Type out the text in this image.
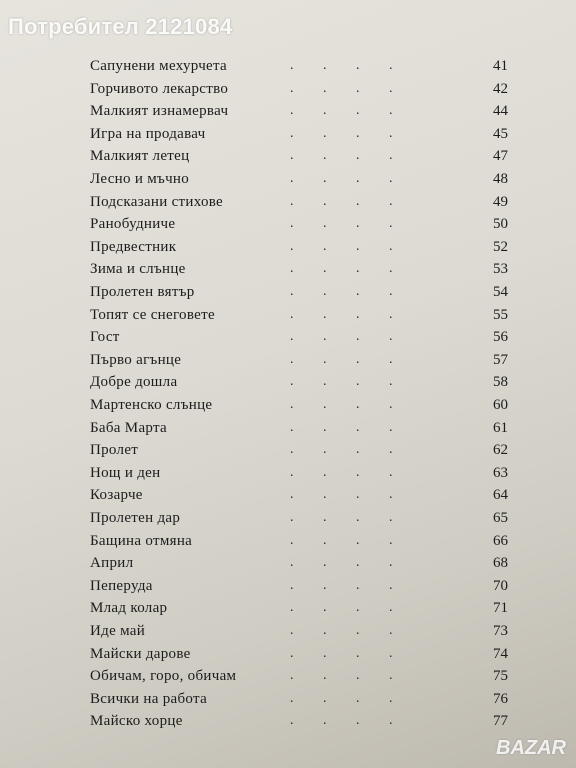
Потребител 2121084
Сапунени мехурчета	. . . .	41
Горчивото лекарство	. . . .	42
Малкият изнамервач	. . . .	44
Игра на продавач	. . . .	45
Малкият летец	. . . .	47
Лесно и мъчно	. . . .	48
Подсказани стихове	. . . .	49
Ранобудниче	. . . .	50
Предвестник	. . . .	52
Зима и слънце	. . . .	53
Пролетен вятър	. . . .	54
Топят се снеговете	. . . .	55
Гост	. . . .	56
Първо агънце	. . . .	57
Добре дошла	. . . .	58
Мартенско слънце	. . . .	60
Баба Марта	. . . .	61
Пролет	. . . .	62
Нощ и ден	. . . .	63
Козарче	. . . .	64
Пролетен дар	. . . .	65
Бащина отмяна	. . . .	66
Април	. . . .	68
Пеперуда	. . . .	70
Млад колар	. . . .	71
Иде май	. . . .	73
Майски дарове	. . . .	74
Обичам, горо, обичам	. . . .	75
Всички на работа	. . . .	76
Майско хорце	. . . .	77
BAZAR
